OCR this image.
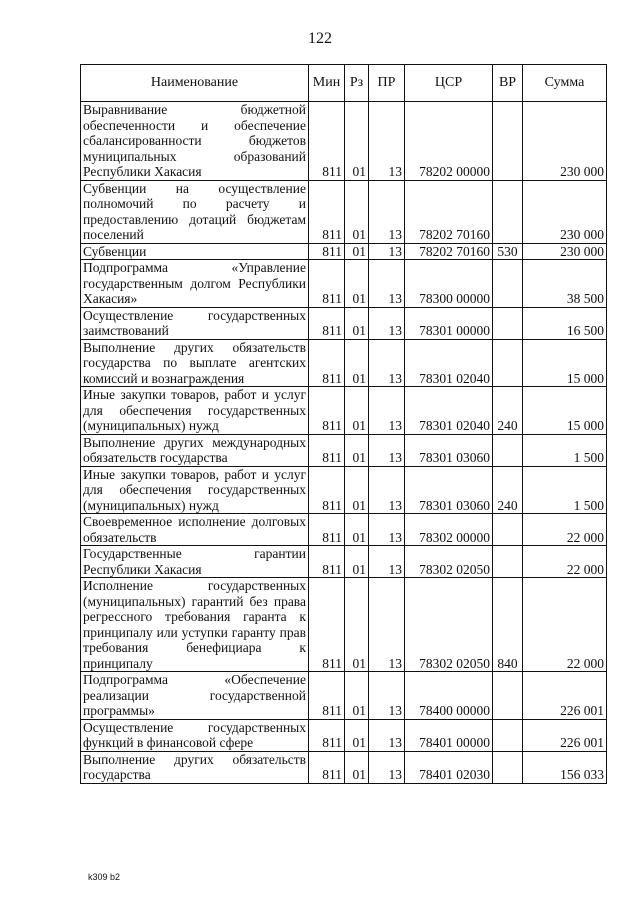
122
Наименование	Мин	Рз	ПР	ЦСР	ВР	Сумма
Выравнивание бюджетной обеспеченности и обеспечение сбалансированности бюджетов муниципальных образований Республики Хакасия	811	01	13	78202 00000		230 000
Субвенции на осуществление полномочий по расчету и предоставлению дотаций бюджетам поселений	811	01	13	78202 70160		230 000
Субвенции	811	01	13	78202 70160	530	230 000
Подпрограмма «Управление государственным долгом Республики Хакасия»	811	01	13	78300 00000		38 500
Осуществление государственных заимствований	811	01	13	78301 00000		16 500
Выполнение других обязательств государства по выплате агентских комиссий и вознаграждения	811	01	13	78301 02040		15 000
Иные закупки товаров, работ и услуг для обеспечения государственных (муниципальных) нужд	811	01	13	78301 02040	240	15 000
Выполнение других международных обязательств государства	811	01	13	78301 03060		1 500
Иные закупки товаров, работ и услуг для обеспечения государственных (муниципальных) нужд	811	01	13	78301 03060	240	1 500
Своевременное исполнение долговых обязательств	811	01	13	78302 00000		22 000
Государственные гарантии Республики Хакасия	811	01	13	78302 02050		22 000
Исполнение государственных (муниципальных) гарантий без права регрессного требования гаранта к принципалу или уступки гаранту прав требования бенефициара к принципалу	811	01	13	78302 02050	840	22 000
Подпрограмма «Обеспечение реализации государственной программы»	811	01	13	78400 00000		226 001
Осуществление государственных функций в финансовой сфере	811	01	13	78401 00000		226 001
Выполнение других обязательств государства	811	01	13	78401 02030		156 033
k309 b2
